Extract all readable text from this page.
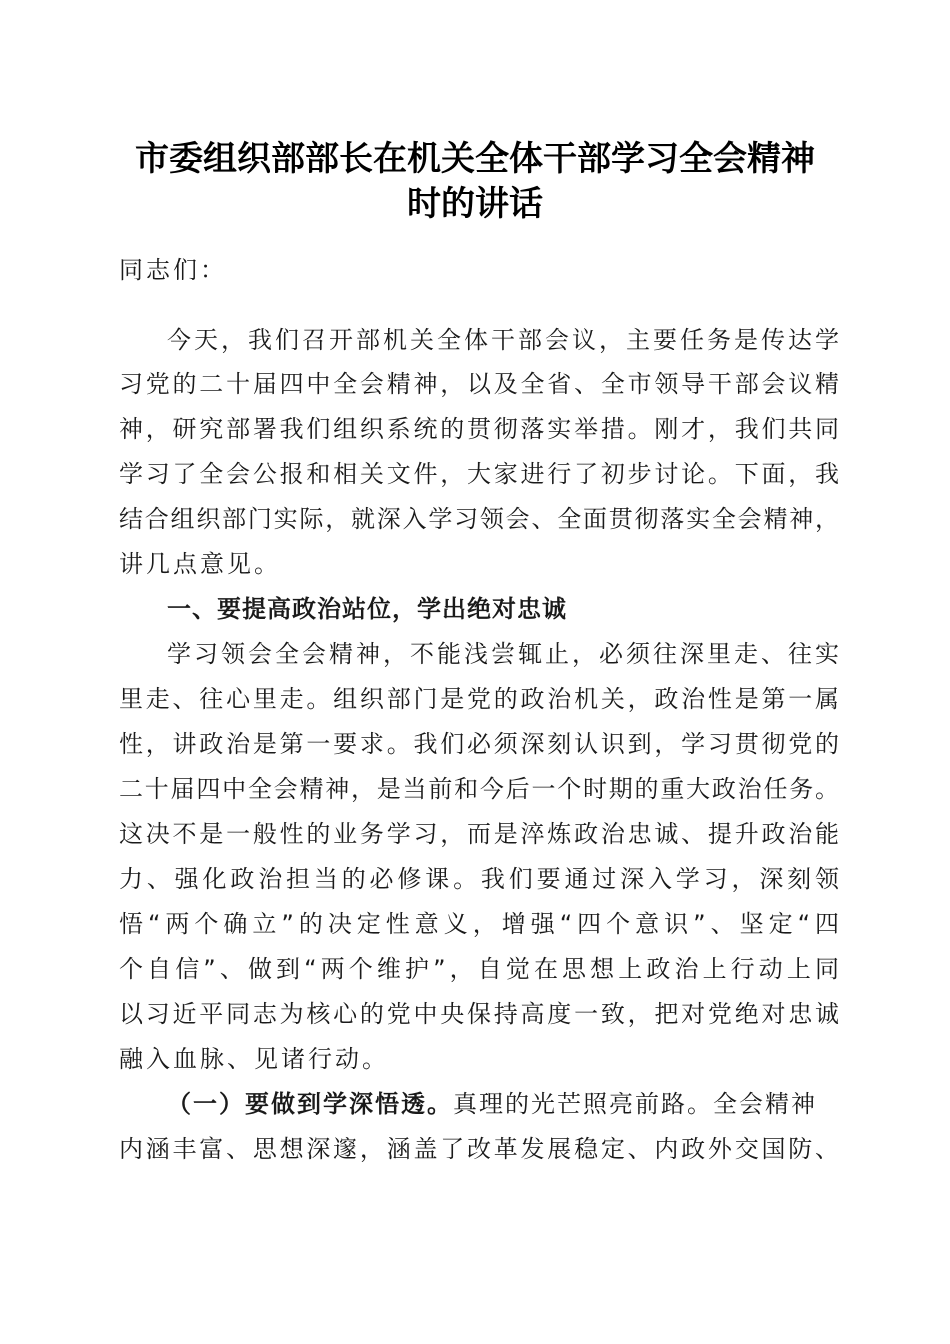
市委组织部部长在机关全体干部学习全会精神
时的讲话
同志们：
今天，我们召开部机关全体干部会议，主要任务是传达学
习党的二十届四中全会精神，以及全省、全市领导干部会议精
神，研究部署我们组织系统的贯彻落实举措。刚才，我们共同
学习了全会公报和相关文件，大家进行了初步讨论。下面，我
结合组织部门实际，就深入学习领会、全面贯彻落实全会精神，
讲几点意见。
一、要提高政治站位，学出绝对忠诚
学习领会全会精神，不能浅尝辄止，必须往深里走、往实
里走、往心里走。组织部门是党的政治机关，政治性是第一属
性，讲政治是第一要求。我们必须深刻认识到，学习贯彻党的
二十届四中全会精神，是当前和今后一个时期的重大政治任务。
这决不是一般性的业务学习，而是淬炼政治忠诚、提升政治能
力、强化政治担当的必修课。我们要通过深入学习，深刻领
悟“两个确立”的决定性意义，增强“四个意识”、坚定“四
个自信”、做到“两个维护”，自觉在思想上政治上行动上同
以习近平同志为核心的党中央保持高度一致，把对党绝对忠诚
融入血脉、见诸行动。
（一）要做到学深悟透。真理的光芒照亮前路。全会精神
内涵丰富、思想深邃，涵盖了改革发展稳定、内政外交国防、
